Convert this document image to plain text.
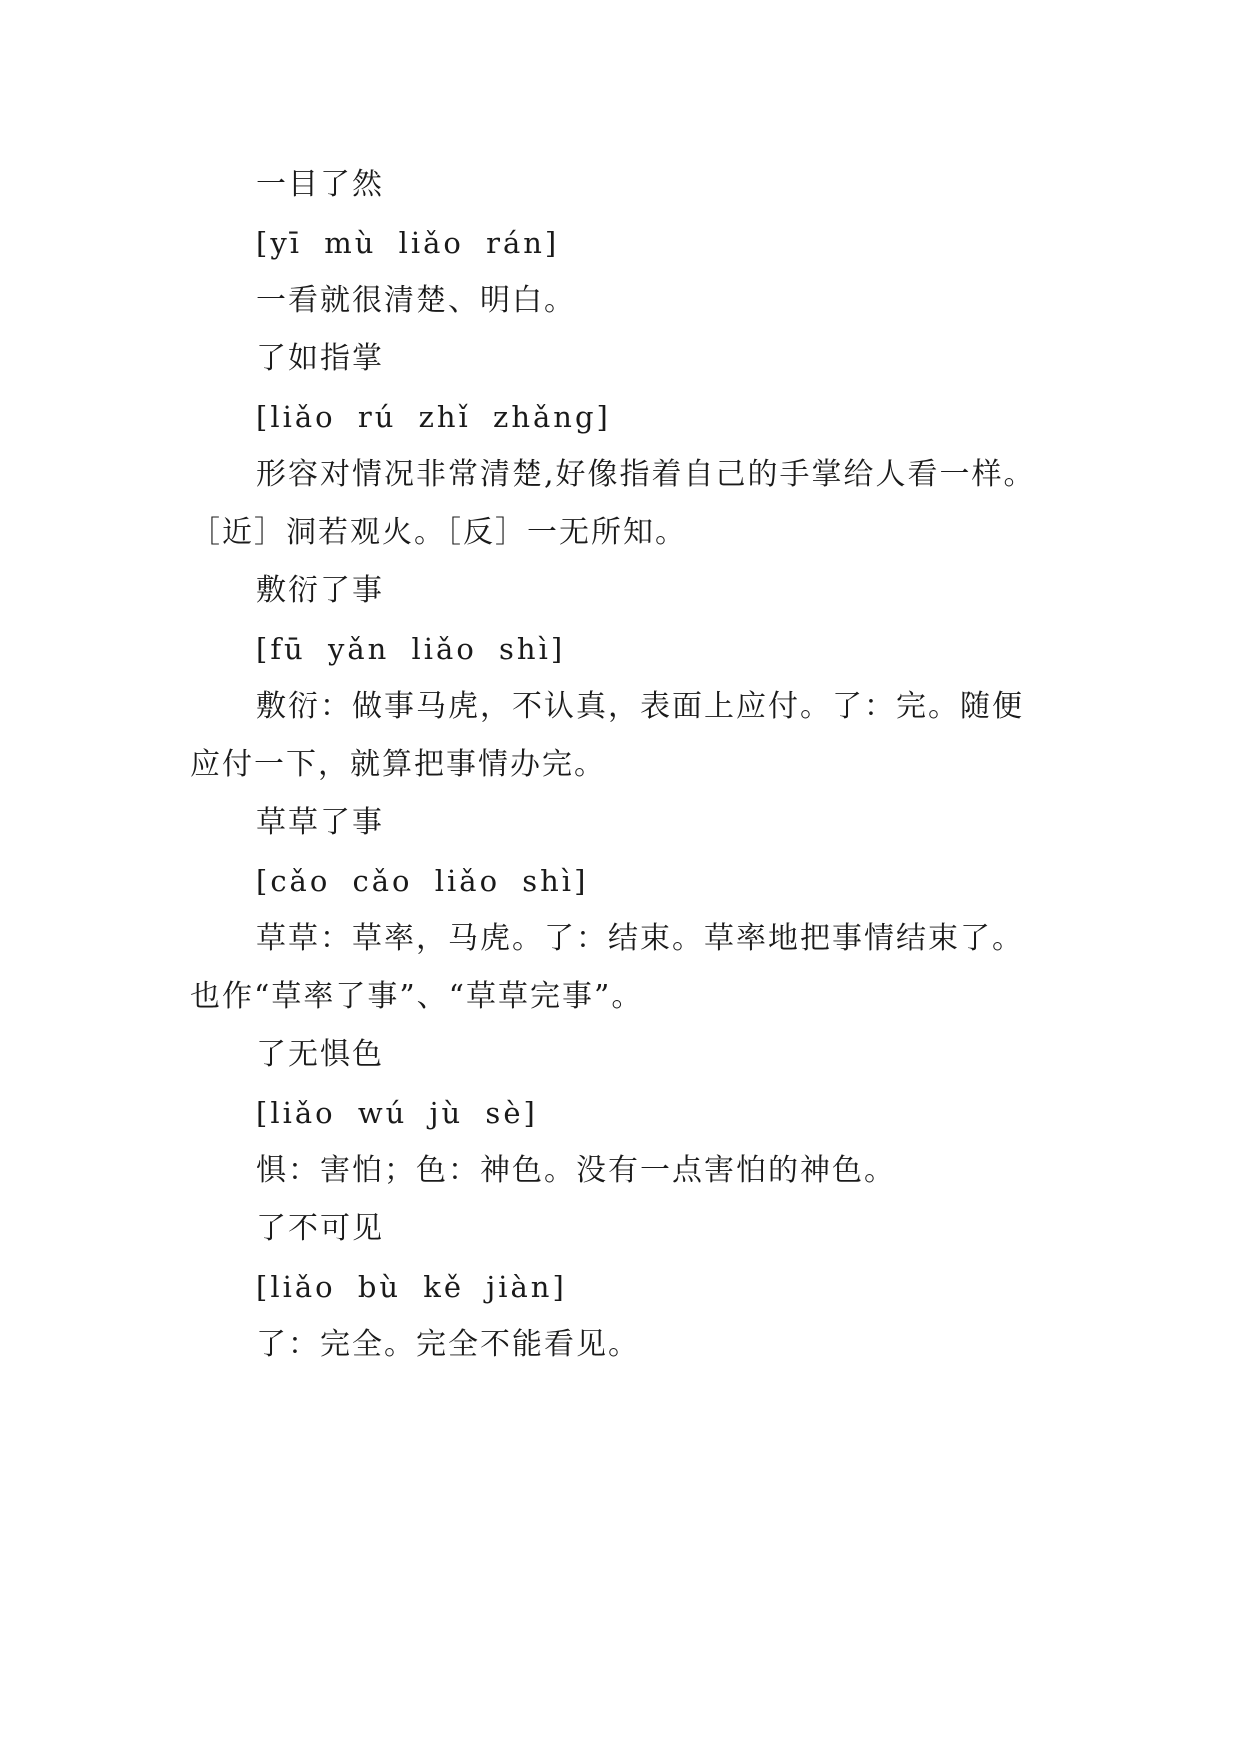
一目了然
[yī mù liǎo rán]
一看就很清楚、明白。
了如指掌
[liǎo rú zhǐ zhǎng]
形容对情况非常清楚,好像指着自己的手掌给人看一样。
［近］洞若观火。［反］一无所知。
敷衍了事
[fū yǎn liǎo shì]
敷衍：做事马虎，不认真，表面上应付。了：完。随便
应付一下，就算把事情办完。
草草了事
[cǎo cǎo liǎo shì]
草草：草率，马虎。了：结束。草率地把事情结束了。
也作“草率了事”、“草草完事”。
了无惧色
[liǎo wú jù sè]
惧：害怕；色：神色。没有一点害怕的神色。
了不可见
[liǎo bù kě jiàn]
了：完全。完全不能看见。
